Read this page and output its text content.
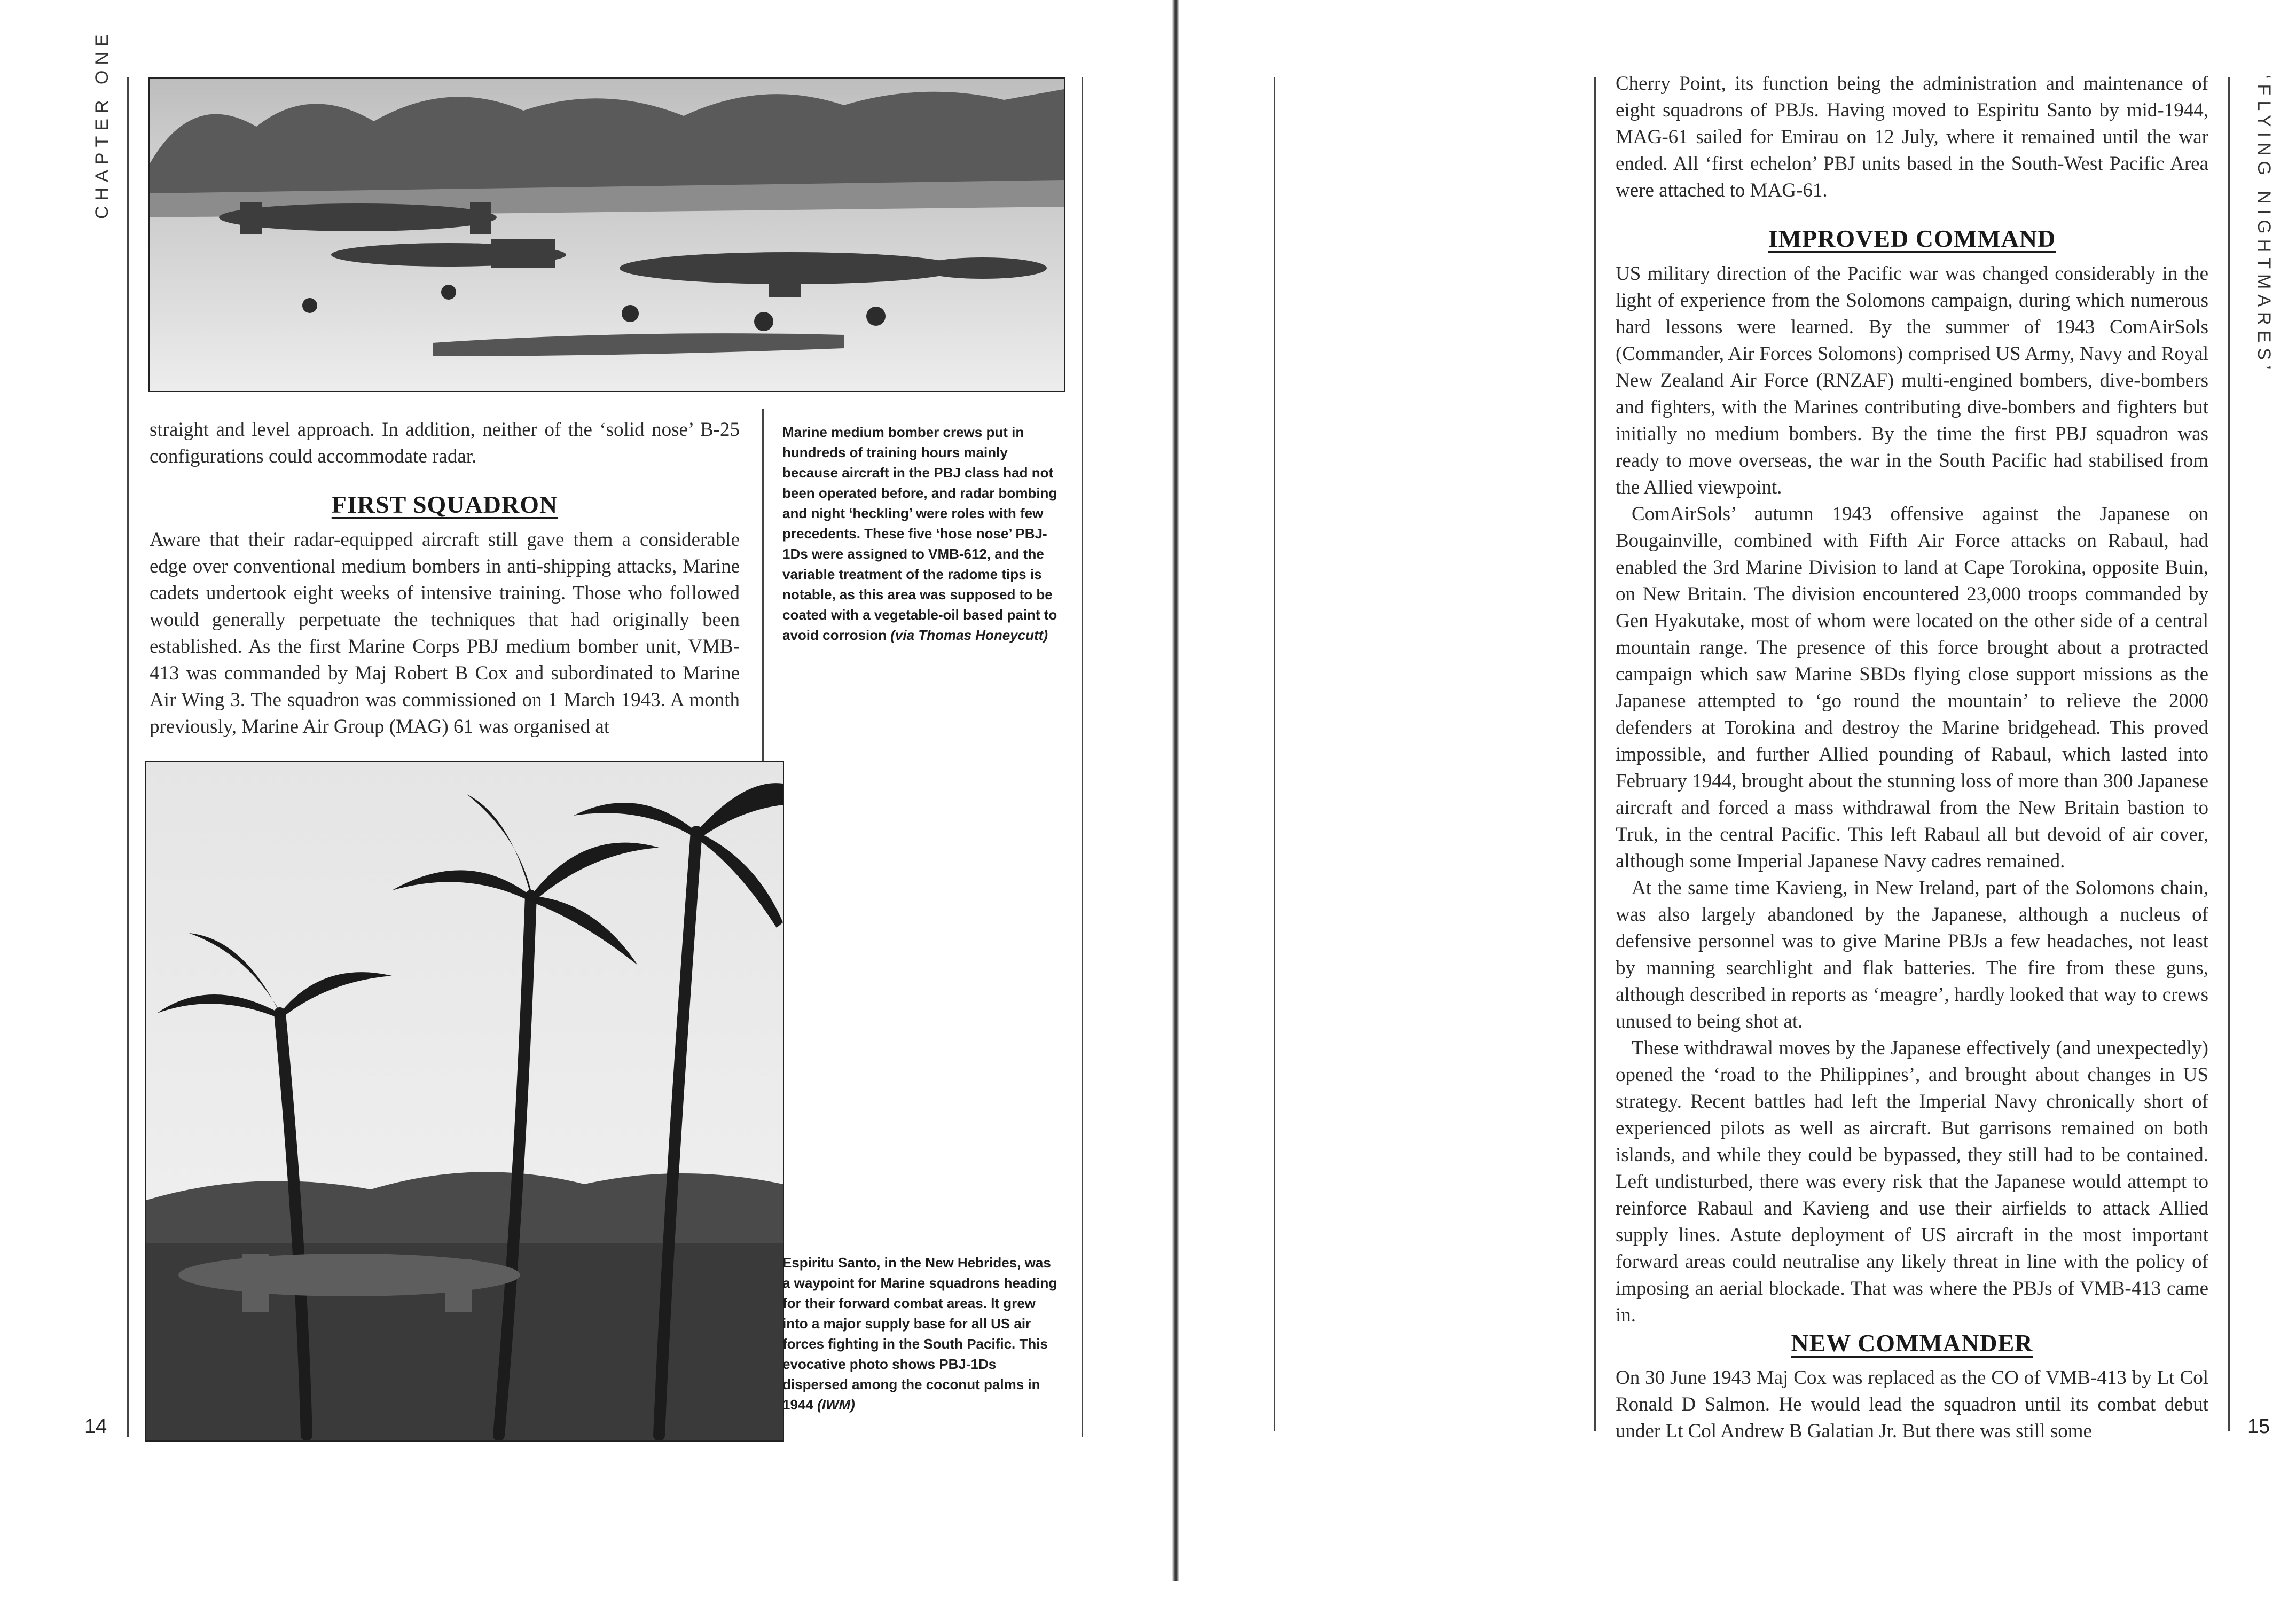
CHAPTER ONE
straight and level approach. In addition, neither of the ‘solid nose’ B-25 configurations could accommodate radar.
FIRST SQUADRON
Aware that their radar-equipped aircraft still gave them a considerable edge over conventional medium bombers in anti-shipping attacks, Marine cadets undertook eight weeks of intensive training. Those who followed would generally perpetuate the techniques that had originally been established. As the first Marine Corps PBJ medium bomber unit, VMB-413 was commanded by Maj Robert B Cox and subordinated to Marine Air Wing 3. The squadron was commissioned on 1 March 1943. A month previously, Marine Air Group (MAG) 61 was organised at
Marine medium bomber crews put in hundreds of training hours mainly because aircraft in the PBJ class had not been operated before, and radar bombing and night ‘heckling’ were roles with few precedents. These five ‘hose nose’ PBJ-1Ds were assigned to VMB-612, and the variable treatment of the radome tips is notable, as this area was supposed to be coated with a vegetable-oil based paint to avoid corrosion (via Thomas Honeycutt)
Espiritu Santo, in the New Hebrides, was a waypoint for Marine squadrons heading for their forward combat areas. It grew into a major supply base for all US air forces fighting in the South Pacific. This evocative photo shows PBJ-1Ds dispersed among the coconut palms in 1944 (IWM)
14
‘FLYING NIGHTMARES’
Cherry Point, its function being the administration and maintenance of eight squadrons of PBJs. Having moved to Espiritu Santo by mid-1944, MAG-61 sailed for Emirau on 12 July, where it remained until the war ended. All ‘first echelon’ PBJ units based in the South-West Pacific Area were attached to MAG-61.
IMPROVED COMMAND

US military direction of the Pacific war was changed considerably in the light of experience from the Solomons campaign, during which numerous hard lessons were learned. By the summer of 1943 ComAirSols (Commander, Air Forces Solomons) comprised US Army, Navy and Royal New Zealand Air Force (RNZAF) multi-engined bombers, dive-bombers and fighters, with the Marines contributing dive-bombers and fighters but initially no medium bombers. By the time the first PBJ squadron was ready to move overseas, the war in the South Pacific had stabilised from the Allied viewpoint.

ComAirSols’ autumn 1943 offensive against the Japanese on Bougainville, combined with Fifth Air Force attacks on Rabaul, had enabled the 3rd Marine Division to land at Cape Torokina, opposite Buin, on New Britain. The division encountered 23,000 troops commanded by Gen Hyakutake, most of whom were located on the other side of a central mountain range. The presence of this force brought about a protracted campaign which saw Marine SBDs flying close support missions as the Japanese attempted to ‘go round the mountain’ to relieve the 2000 defenders at Torokina and destroy the Marine bridgehead. This proved impossible, and further Allied pounding of Rabaul, which lasted into February 1944, brought about the stunning loss of more than 300 Japanese aircraft and forced a mass withdrawal from the New Britain bastion to Truk, in the central Pacific. This left Rabaul all but devoid of air cover, although some Imperial Japanese Navy cadres remained.

At the same time Kavieng, in New Ireland, part of the Solomons chain, was also largely abandoned by the Japanese, although a nucleus of defensive personnel was to give Marine PBJs a few headaches, not least by manning searchlight and flak batteries. The fire from these guns, although described in reports as ‘meagre’, hardly looked that way to crews unused to being shot at.

These withdrawal moves by the Japanese effectively (and unexpectedly) opened the ‘road to the Philippines’, and brought about changes in US strategy. Recent battles had left the Imperial Navy chronically short of experienced pilots as well as aircraft. But garrisons remained on both islands, and while they could be bypassed, they still had to be contained. Left undisturbed, there was every risk that the Japanese would attempt to reinforce Rabaul and Kavieng and use their airfields to attack Allied supply lines. Astute deployment of US aircraft in the most important forward areas could neutralise any likely threat in line with the policy of imposing an aerial blockade. That was where the PBJs of VMB-413 came in.

NEW COMMANDER
On 30 June 1943 Maj Cox was replaced as the CO of VMB-413 by Lt Col Ronald D Salmon. He would lead the squadron until its combat debut under Lt Col Andrew B Galatian Jr. But there was still some	15
